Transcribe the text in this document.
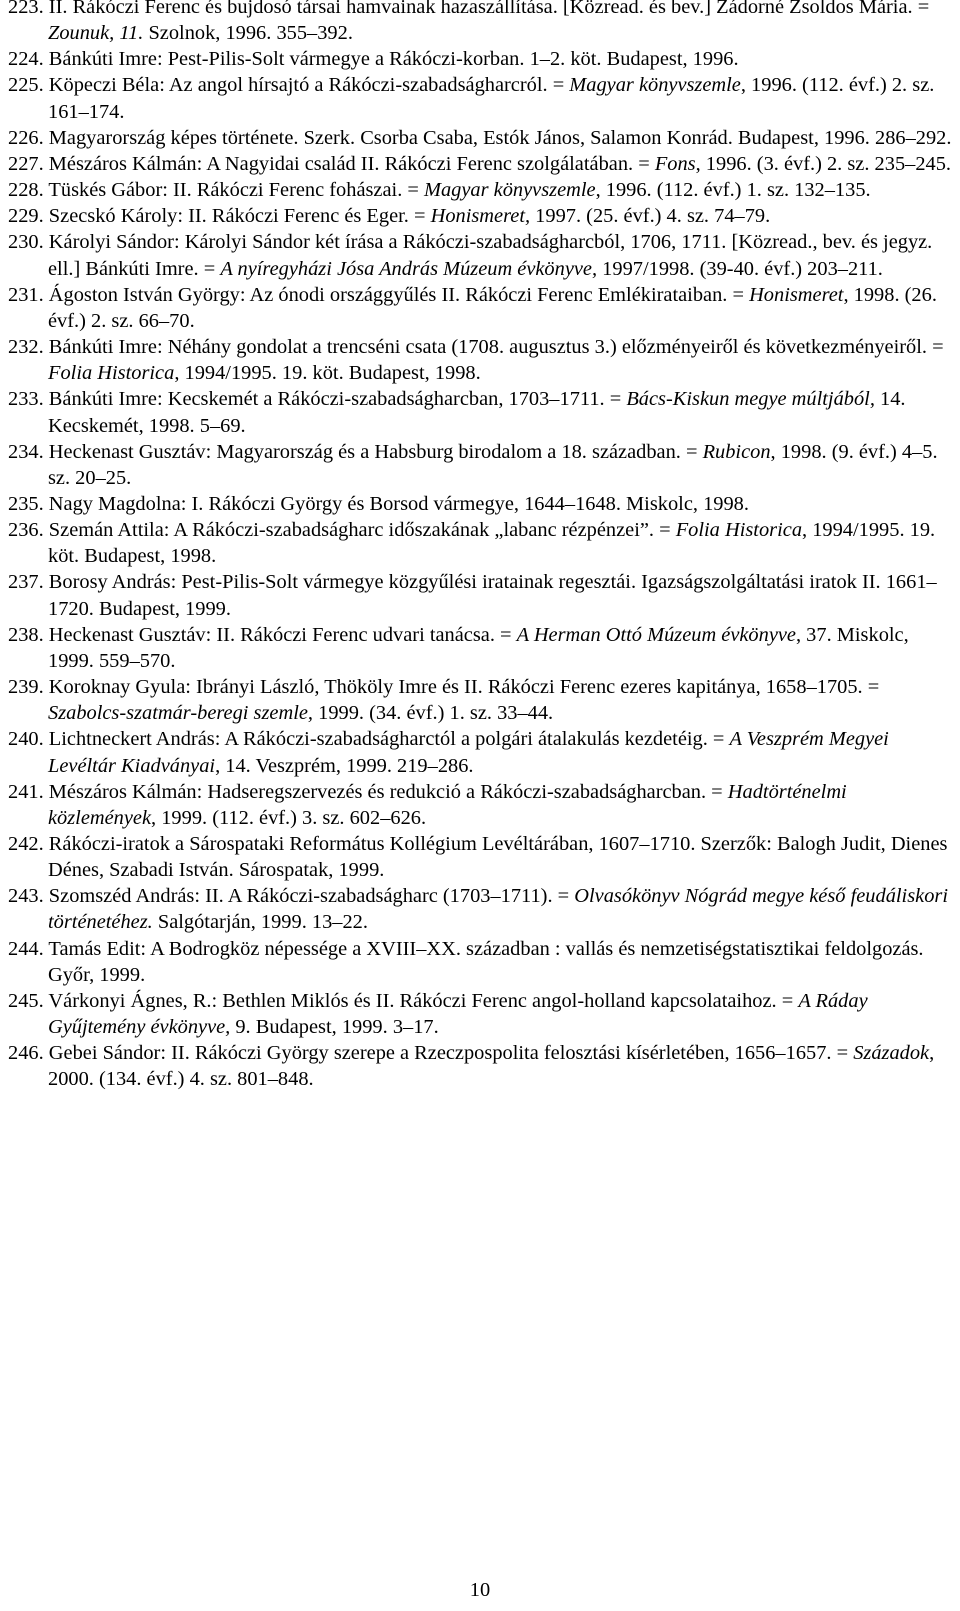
223. II. Rákóczi Ferenc és bujdosó társai hamvainak hazaszállítása. [Közread. és bev.] Zádorné Zsoldos Mária. = Zounuk, 11. Szolnok, 1996. 355–392.
224. Bánkúti Imre: Pest-Pilis-Solt vármegye a Rákóczi-korban. 1–2. köt. Budapest, 1996.
225. Köpeczi Béla: Az angol hírsajtó a Rákóczi-szabadságharcról. = Magyar könyvszemle, 1996. (112. évf.) 2. sz. 161–174.
226. Magyarország képes története. Szerk. Csorba Csaba, Estók János, Salamon Konrád. Budapest, 1996. 286–292.
227. Mészáros Kálmán: A Nagyidai család II. Rákóczi Ferenc szolgálatában. = Fons, 1996. (3. évf.) 2. sz. 235–245.
228. Tüskés Gábor: II. Rákóczi Ferenc fohászai. = Magyar könyvszemle, 1996. (112. évf.) 1. sz. 132–135.
229. Szecskó Károly: II. Rákóczi Ferenc és Eger. = Honismeret, 1997. (25. évf.) 4. sz. 74–79.
230. Károlyi Sándor: Károlyi Sándor két írása a Rákóczi-szabadságharcból, 1706, 1711. [Közread., bev. és jegyz. ell.] Bánkúti Imre. = A nyíregyházi Jósa András Múzeum évkönyve, 1997/1998. (39-40. évf.) 203–211.
231. Ágoston István György: Az ónodi országgyűlés II. Rákóczi Ferenc Emlékirataiban. = Honismeret, 1998. (26. évf.) 2. sz. 66–70.
232. Bánkúti Imre: Néhány gondolat a trencséni csata (1708. augusztus 3.) előzményeiről és következményeiről. = Folia Historica, 1994/1995. 19. köt. Budapest, 1998.
233. Bánkúti Imre: Kecskemét a Rákóczi-szabadságharcban, 1703–1711. = Bács-Kiskun megye múltjából, 14. Kecskemét, 1998. 5–69.
234. Heckenast Gusztáv: Magyarország és a Habsburg birodalom a 18. században. = Rubicon, 1998. (9. évf.) 4–5. sz. 20–25.
235. Nagy Magdolna: I. Rákóczi György és Borsod vármegye, 1644–1648. Miskolc, 1998.
236. Szemán Attila: A Rákóczi-szabadságharc időszakának „labanc rézpénzei”. = Folia Historica, 1994/1995. 19. köt. Budapest, 1998.
237. Borosy András: Pest-Pilis-Solt vármegye közgyűlési iratainak regesztái. Igazságszolgáltatási iratok II. 1661–1720. Budapest, 1999.
238. Heckenast Gusztáv: II. Rákóczi Ferenc udvari tanácsa. = A Herman Ottó Múzeum évkönyve, 37. Miskolc, 1999. 559–570.
239. Koroknay Gyula: Ibrányi László, Thököly Imre és II. Rákóczi Ferenc ezeres kapitánya, 1658–1705. = Szabolcs-szatmár-beregi szemle, 1999. (34. évf.) 1. sz. 33–44.
240. Lichtneckert András: A Rákóczi-szabadságharctól a polgári átalakulás kezdetéig. = A Veszprém Megyei Levéltár Kiadványai, 14. Veszprém, 1999. 219–286.
241. Mészáros Kálmán: Hadseregszervezés és redukció a Rákóczi-szabadságharcban. = Hadtörténelmi közlemények, 1999. (112. évf.) 3. sz. 602–626.
242. Rákóczi-iratok a Sárospataki Református Kollégium Levéltárában, 1607–1710. Szerzők: Balogh Judit, Dienes Dénes, Szabadi István. Sárospatak, 1999.
243. Szomszéd András: II. A Rákóczi-szabadságharc (1703–1711). = Olvasókönyv Nógrád megye késő feudáliskori történetéhez. Salgótarján, 1999. 13–22.
244. Tamás Edit: A Bodrogköz népessége a XVIII–XX. században : vallás és nemzetiségstatisztikai feldolgozás. Győr, 1999.
245. Várkonyi Ágnes, R.: Bethlen Miklós és II. Rákóczi Ferenc angol-holland kapcsolataihoz. = A Ráday Gyűjtemény évkönyve, 9. Budapest, 1999. 3–17.
246. Gebei Sándor: II. Rákóczi György szerepe a Rzeczpospolita felosztási kísérletében, 1656–1657. = Századok, 2000. (134. évf.) 4. sz. 801–848.
10
